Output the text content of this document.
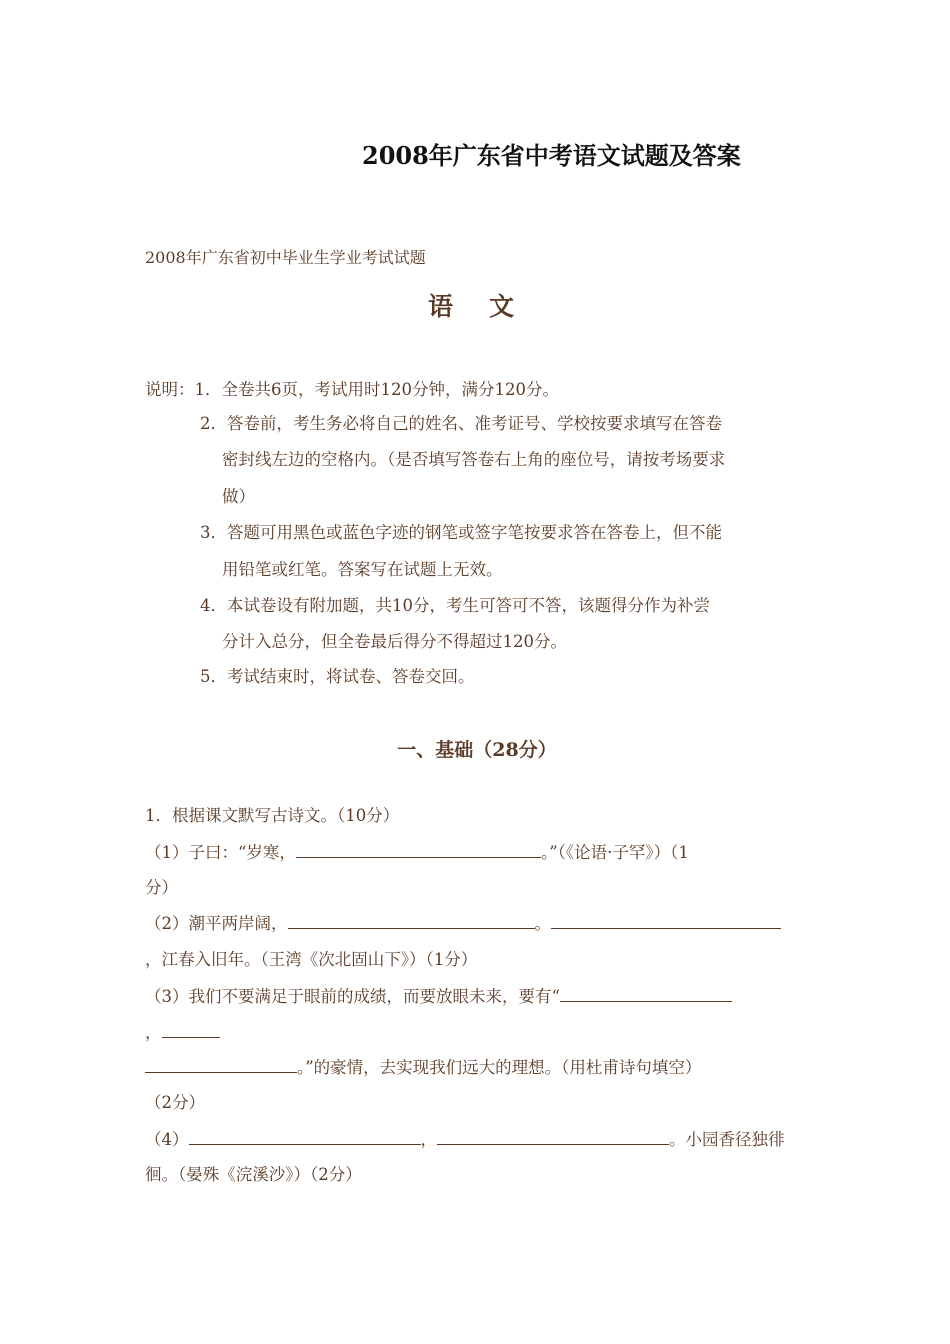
2008年广东省中考语文试题及答案
2008年广东省初中毕业生学业考试试题
语文
说明：1．全卷共6页，考试用时120分钟，满分120分。
2．答卷前，考生务必将自己的姓名、准考证号、学校按要求填写在答卷
密封线左边的空格内。（是否填写答卷右上角的座位号，请按考场要求
做）
3．答题可用黑色或蓝色字迹的钢笔或签字笔按要求答在答卷上，但不能
用铅笔或红笔。答案写在试题上无效。
4．本试卷设有附加题，共10分，考生可答可不答，该题得分作为补尝
分计入总分，但全卷最后得分不得超过120分。
5．考试结束时，将试卷、答卷交回。
一、基础（28分）
1．根据课文默写古诗文。（10分）
（1）子曰：“岁寒，	。”（《论语·子罕》）（1
分）
（2）潮平两岸阔，	。
，江春入旧年。（王湾《次北固山下》）（1分）
（3）我们不要满足于眼前的成绩，而要放眼未来，要有“
，
。”的豪情，去实现我们远大的理想。（用杜甫诗句填空）
（2分）
（4）	，	。小园香径独徘
徊。（晏殊《浣溪沙》）（2分）
